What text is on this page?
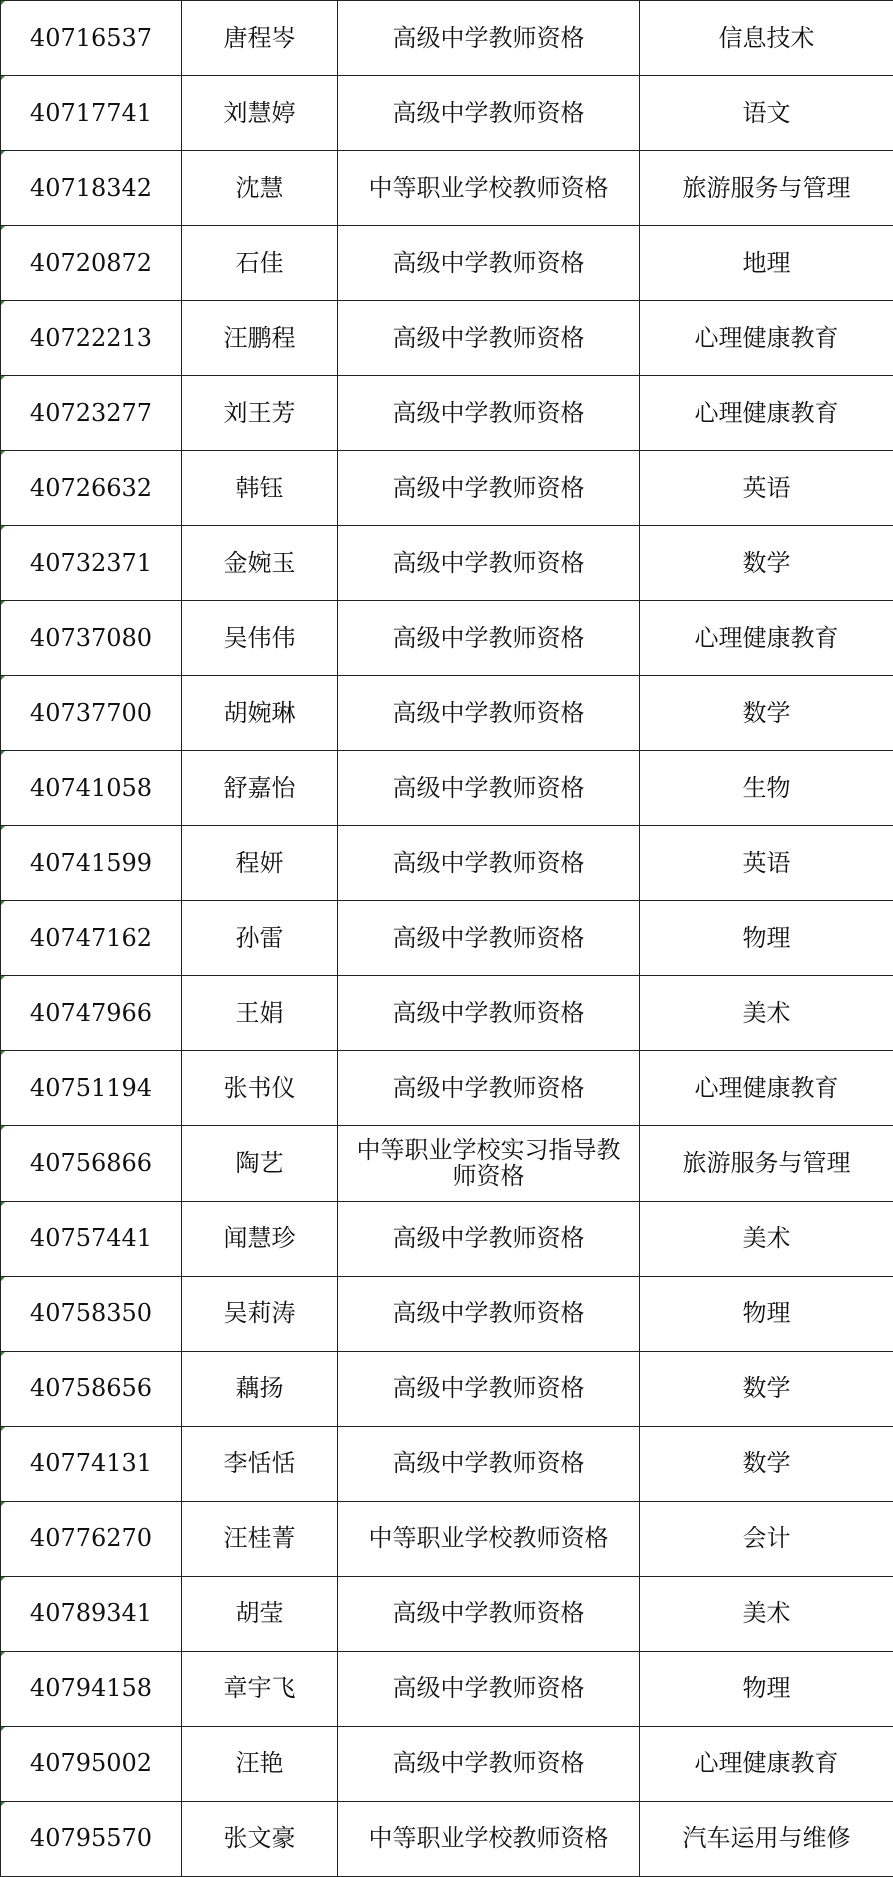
40716537	唐程岑	高级中学教师资格	信息技术
40717741	刘慧婷	高级中学教师资格	语文
40718342	沈慧	中等职业学校教师资格	旅游服务与管理
40720872	石佳	高级中学教师资格	地理
40722213	汪鹏程	高级中学教师资格	心理健康教育
40723277	刘王芳	高级中学教师资格	心理健康教育
40726632	韩钰	高级中学教师资格	英语
40732371	金婉玉	高级中学教师资格	数学
40737080	吴伟伟	高级中学教师资格	心理健康教育
40737700	胡婉琳	高级中学教师资格	数学
40741058	舒嘉怡	高级中学教师资格	生物
40741599	程妍	高级中学教师资格	英语
40747162	孙雷	高级中学教师资格	物理
40747966	王娟	高级中学教师资格	美术
40751194	张书仪	高级中学教师资格	心理健康教育
40756866	陶艺	中等职业学校实习指导教师资格	旅游服务与管理
40757441	闻慧珍	高级中学教师资格	美术
40758350	吴莉涛	高级中学教师资格	物理
40758656	藕扬	高级中学教师资格	数学
40774131	李恬恬	高级中学教师资格	数学
40776270	汪桂菁	中等职业学校教师资格	会计
40789341	胡莹	高级中学教师资格	美术
40794158	章宇飞	高级中学教师资格	物理
40795002	汪艳	高级中学教师资格	心理健康教育
40795570	张文豪	中等职业学校教师资格	汽车运用与维修
